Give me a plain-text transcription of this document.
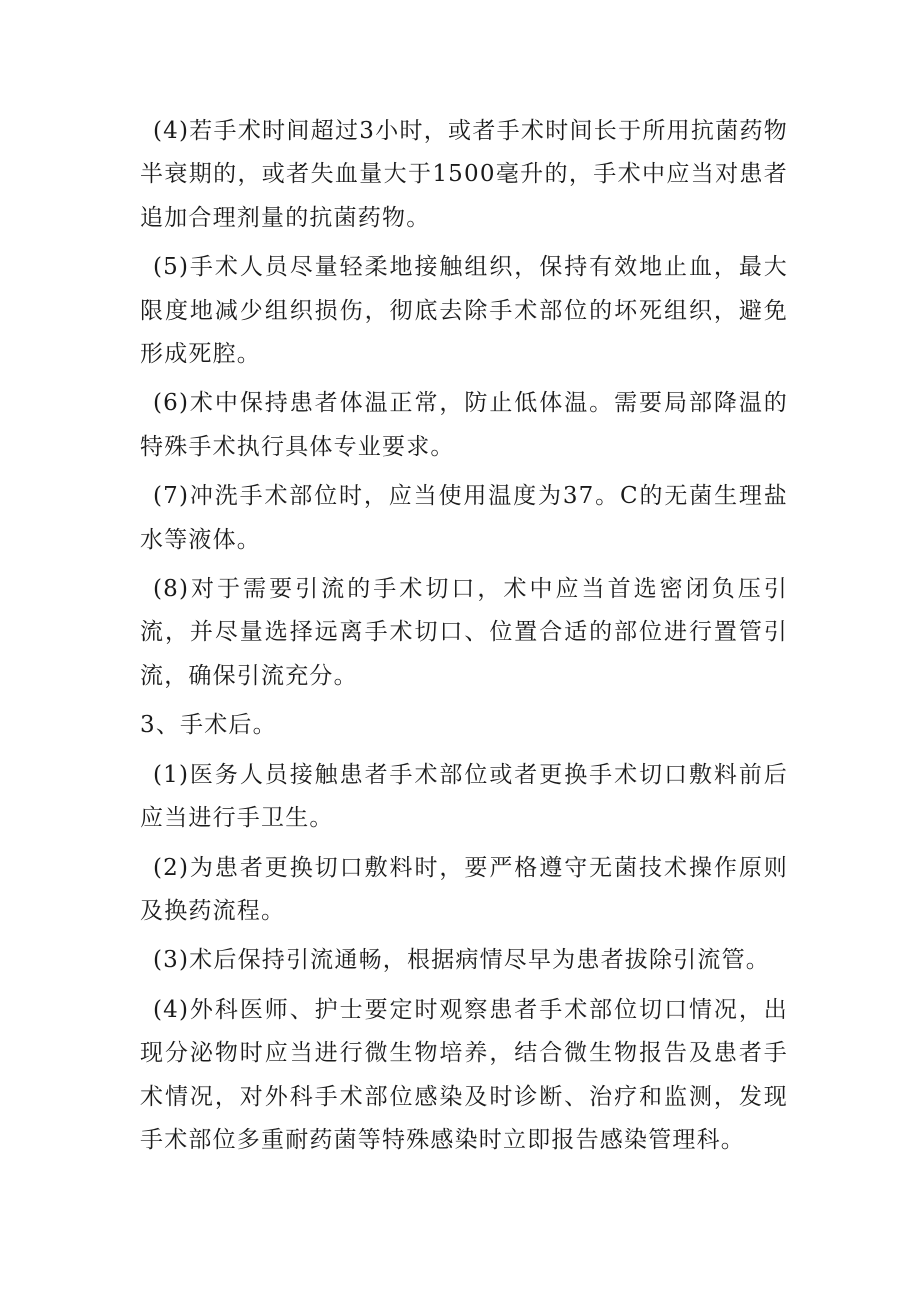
(4)若手术时间超过3小时，或者手术时间长于所用抗菌药物半衰期的，或者失血量大于1500毫升的，手术中应当对患者追加合理剂量的抗菌药物。

(5)手术人员尽量轻柔地接触组织，保持有效地止血，最大限度地减少组织损伤，彻底去除手术部位的坏死组织，避免形成死腔。

(6)术中保持患者体温正常，防止低体温。需要局部降温的特殊手术执行具体专业要求。

(7)冲洗手术部位时，应当使用温度为37。C的无菌生理盐水等液体。

(8)对于需要引流的手术切口，术中应当首选密闭负压引流，并尽量选择远离手术切口、位置合适的部位进行置管引流，确保引流充分。

3、手术后。

(1)医务人员接触患者手术部位或者更换手术切口敷料前后应当进行手卫生。

(2)为患者更换切口敷料时，要严格遵守无菌技术操作原则及换药流程。

(3)术后保持引流通畅，根据病情尽早为患者拔除引流管。

(4)外科医师、护士要定时观察患者手术部位切口情况，出现分泌物时应当进行微生物培养，结合微生物报告及患者手术情况，对外科手术部位感染及时诊断、治疗和监测，发现手术部位多重耐药菌等特殊感染时立即报告感染管理科。
